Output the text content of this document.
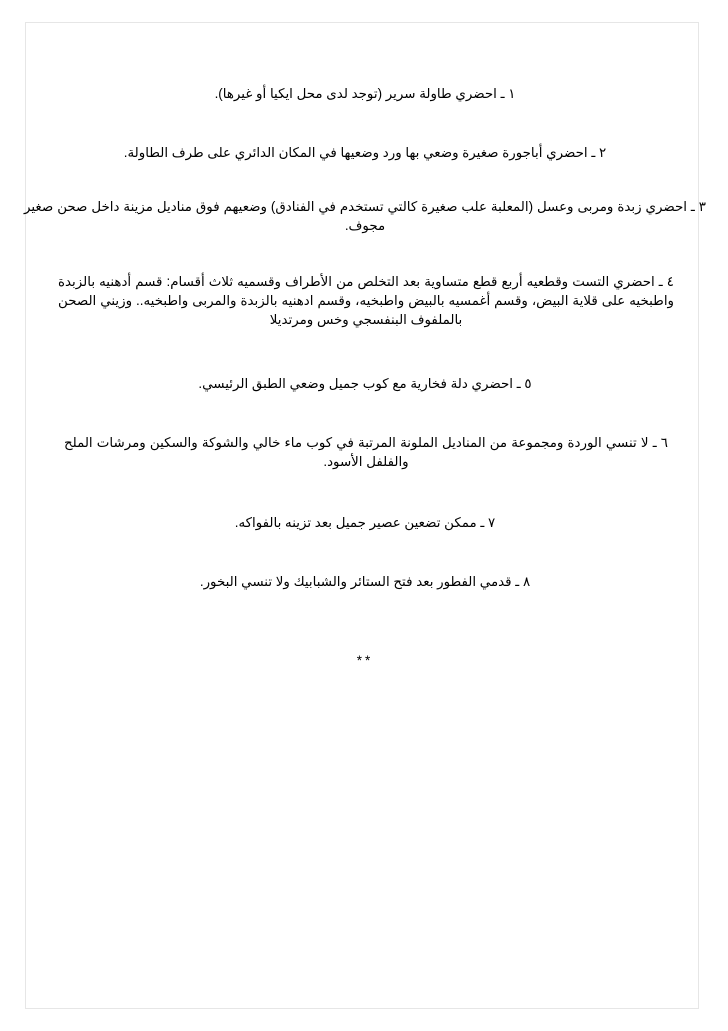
١ ـ احضري طاولة سرير (توجد لدى محل ايكيا أو غيرها).

٢ ـ احضري أباجورة صغيرة وضعي بها ورد وضعيها في المكان الدائري على طرف الطاولة.

٣ ـ احضري زبدة ومربى وعسل (المعلبة علب صغيرة كالتي تستخدم في الفنادق) وضعيهم فوق مناديل مزينة داخل صحن صغير مجوف.

٤ ـ احضري التست وقطعيه أربع قطع متساوية بعد التخلص من الأطراف وقسميه ثلاث أقسام: قسم أدهنيه بالزبدة واطبخيه على قلاية البيض، وقسم أغمسيه بالبيض واطبخيه، وقسم ادهنيه بالزبدة والمربى واطبخيه.. وزيني الصحن بالملفوف البنفسجي وخس ومرتديلا

٥ ـ احضري دلة فخارية مع كوب جميل وضعي الطبق الرئيسي.

٦ ـ لا تنسي الوردة ومجموعة من المناديل الملونة المرتبة في كوب ماء خالي والشوكة والسكين ومرشات الملح والفلفل الأسود.

٧ ـ ممكن تضعين عصير جميل بعد تزينه بالفواكه.

٨ ـ قدمي الفطور بعد فتح الستائر والشبابيك ولا تنسي البخور.

**
